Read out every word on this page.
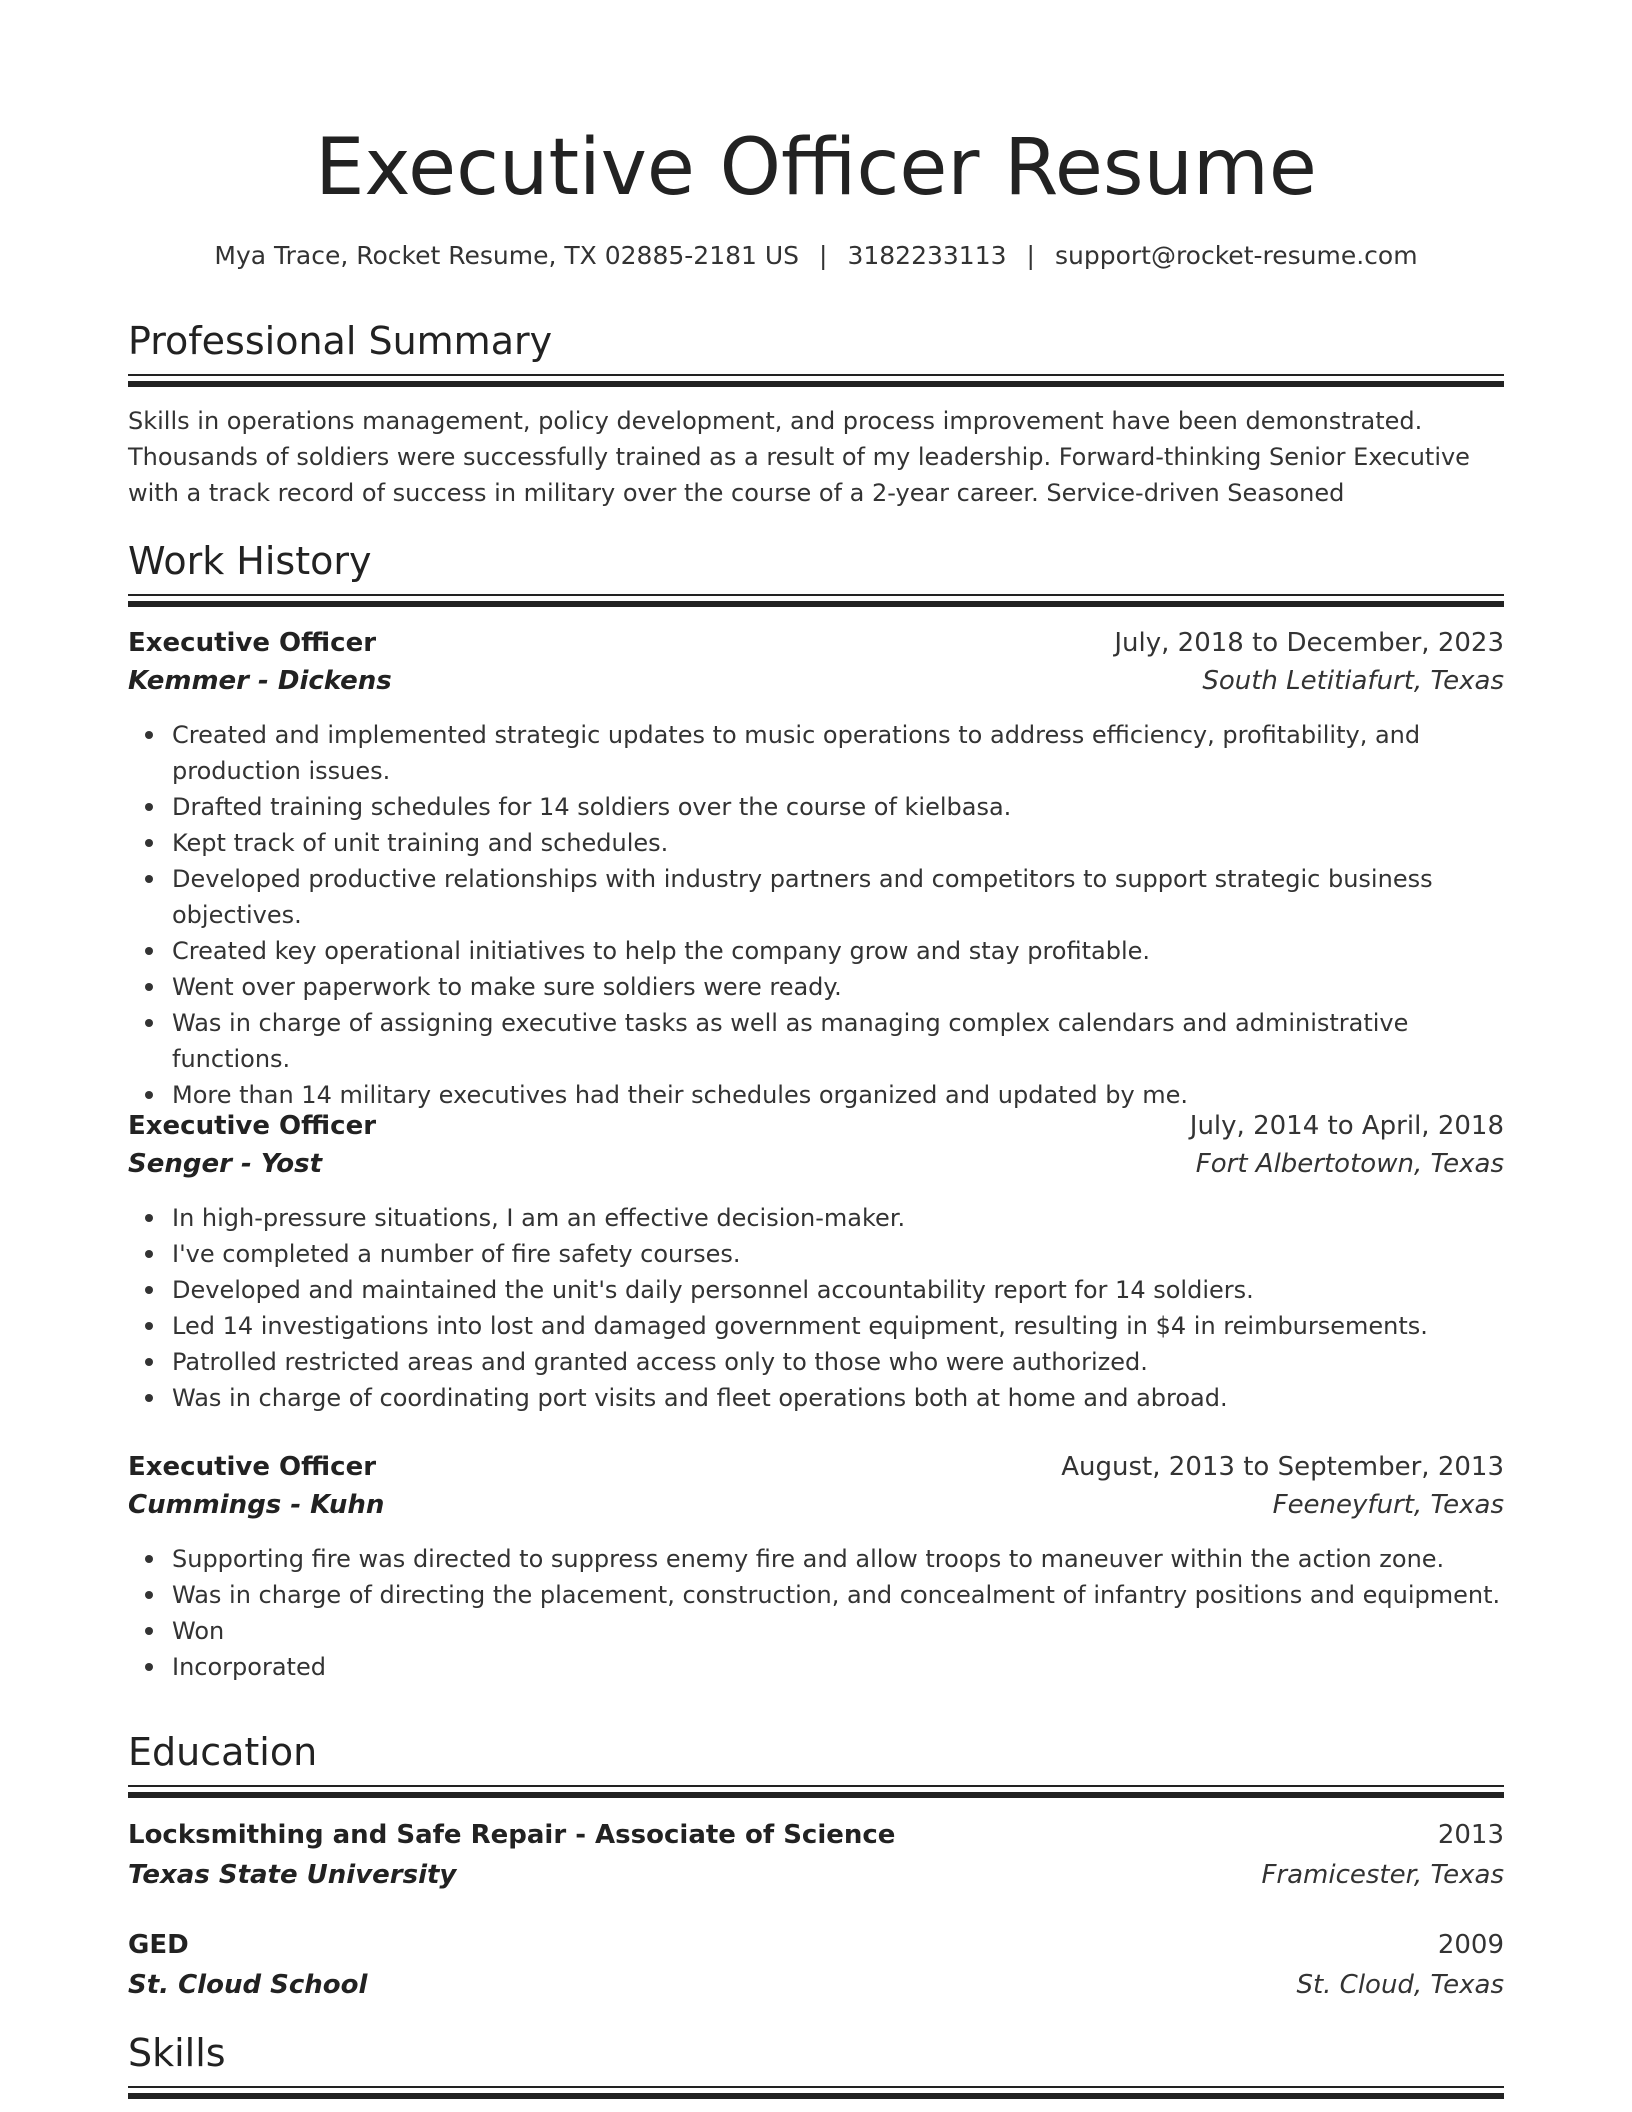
Executive Officer Resume
Mya Trace, Rocket Resume, TX 02885-2181 US | 3182233113 | support@rocket-resume.com
Professional Summary

Skills in operations management, policy development, and process improvement have been demonstrated. Thousands of soldiers were successfully trained as a result of my leadership. Forward-thinking Senior Executive with a track record of success in military over the course of a 2-year career. Service-driven Seasoned

Work History
Executive Officer	July, 2018 to December, 2023
Kemmer - Dickens	South Letitiafurt, Texas
Created and implemented strategic updates to music operations to address efficiency, profitability, and production issues.
Drafted training schedules for 14 soldiers over the course of kielbasa.
Kept track of unit training and schedules.
Developed productive relationships with industry partners and competitors to support strategic business objectives.
Created key operational initiatives to help the company grow and stay profitable.
Went over paperwork to make sure soldiers were ready.
Was in charge of assigning executive tasks as well as managing complex calendars and administrative functions.
More than 14 military executives had their schedules organized and updated by me.
Executive Officer	July, 2014 to April, 2018
Senger - Yost	Fort Albertotown, Texas
In high-pressure situations, I am an effective decision-maker.
I've completed a number of fire safety courses.
Developed and maintained the unit's daily personnel accountability report for 14 soldiers.
Led 14 investigations into lost and damaged government equipment, resulting in $4 in reimbursements.
Patrolled restricted areas and granted access only to those who were authorized.
Was in charge of coordinating port visits and fleet operations both at home and abroad.
Executive Officer	August, 2013 to September, 2013
Cummings - Kuhn	Feeneyfurt, Texas
Supporting fire was directed to suppress enemy fire and allow troops to maneuver within the action zone.
Was in charge of directing the placement, construction, and concealment of infantry positions and equipment.
Won
Incorporated
Education
Locksmithing and Safe Repair - Associate of Science	2013
Texas State University	Framicester, Texas
GED	2009
St. Cloud School	St. Cloud, Texas
Skills
